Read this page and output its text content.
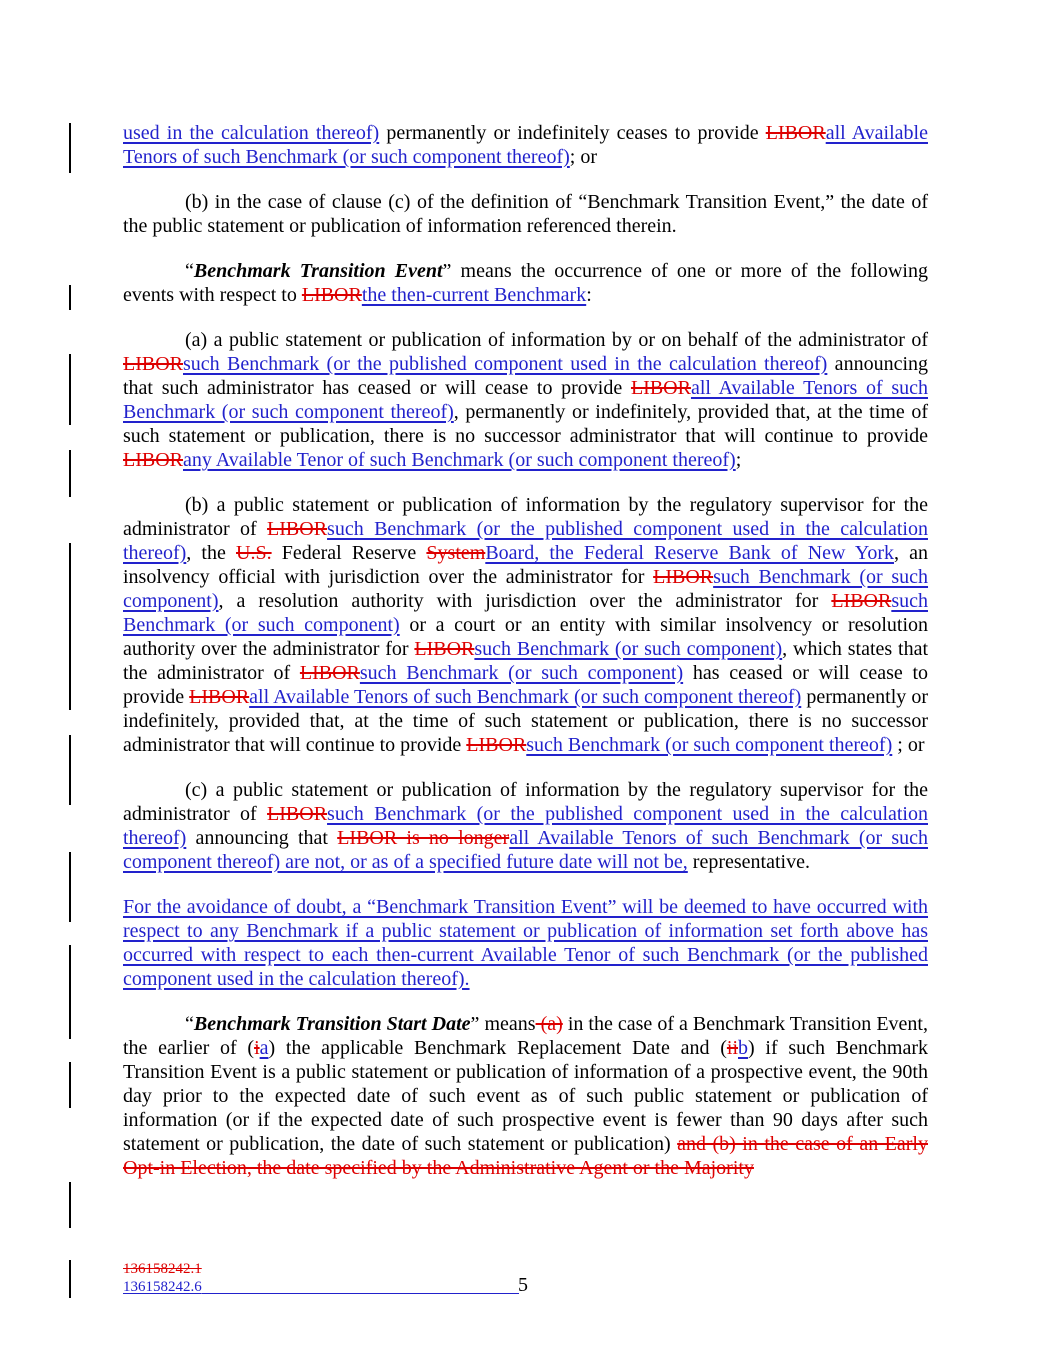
used in the calculation thereof) permanently or indefinitely ceases to provide LIBORall Available Tenors of such Benchmark (or such component thereof); or

(b) in the case of clause (c) of the definition of “Benchmark Transition Event,” the date of the public statement or publication of information referenced therein.

“Benchmark Transition Event” means the occurrence of one or more of the following events with respect to LIBORthe then-current Benchmark:

(a) a public statement or publication of information by or on behalf of the administrator of LIBORsuch Benchmark (or the published component used in the calculation thereof) announcing that such administrator has ceased or will cease to provide LIBORall Available Tenors of such Benchmark (or such component thereof), permanently or indefinitely, provided that, at the time of such statement or publication, there is no successor administrator that will continue to provide LIBORany Available Tenor of such Benchmark (or such component thereof);

(b) a public statement or publication of information by the regulatory supervisor for the administrator of LIBORsuch Benchmark (or the published component used in the calculation thereof), the U.S. Federal Reserve SystemBoard, the Federal Reserve Bank of New York, an insolvency official with jurisdiction over the administrator for LIBORsuch Benchmark (or such component), a resolution authority with jurisdiction over the administrator for LIBORsuch Benchmark (or such component) or a court or an entity with similar insolvency or resolution authority over the administrator for LIBORsuch Benchmark (or such component), which states that the administrator of LIBORsuch Benchmark (or such component) has ceased or will cease to provide LIBORall Available Tenors of such Benchmark (or such component thereof) permanently or indefinitely, provided that, at the time of such statement or publication, there is no successor administrator that will continue to provide LIBORsuch Benchmark (or such component thereof) ; or

(c) a public statement or publication of information by the regulatory supervisor for the administrator of LIBORsuch Benchmark (or the published component used in the calculation thereof) announcing that LIBOR is no longerall Available Tenors of such Benchmark (or such component thereof) are not, or as of a specified future date will not be, representative.

For the avoidance of doubt, a “Benchmark Transition Event” will be deemed to have occurred with respect to any Benchmark if a public statement or publication of information set forth above has occurred with respect to each then-current Available Tenor of such Benchmark (or the published component used in the calculation thereof).

“Benchmark Transition Start Date” means (a) in the case of a Benchmark Transition Event, the earlier of (ia) the applicable Benchmark Replacement Date and (iib) if such Benchmark Transition Event is a public statement or publication of information of a prospective event, the 90th day prior to the expected date of such event as of such public statement or publication of information (or if the expected date of such prospective event is fewer than 90 days after such statement or publication, the date of such statement or publication) and (b) in the case of an Early Opt-in Election, the date specified by the Administrative Agent or the Majority

136158242.1
136158242.6	5
